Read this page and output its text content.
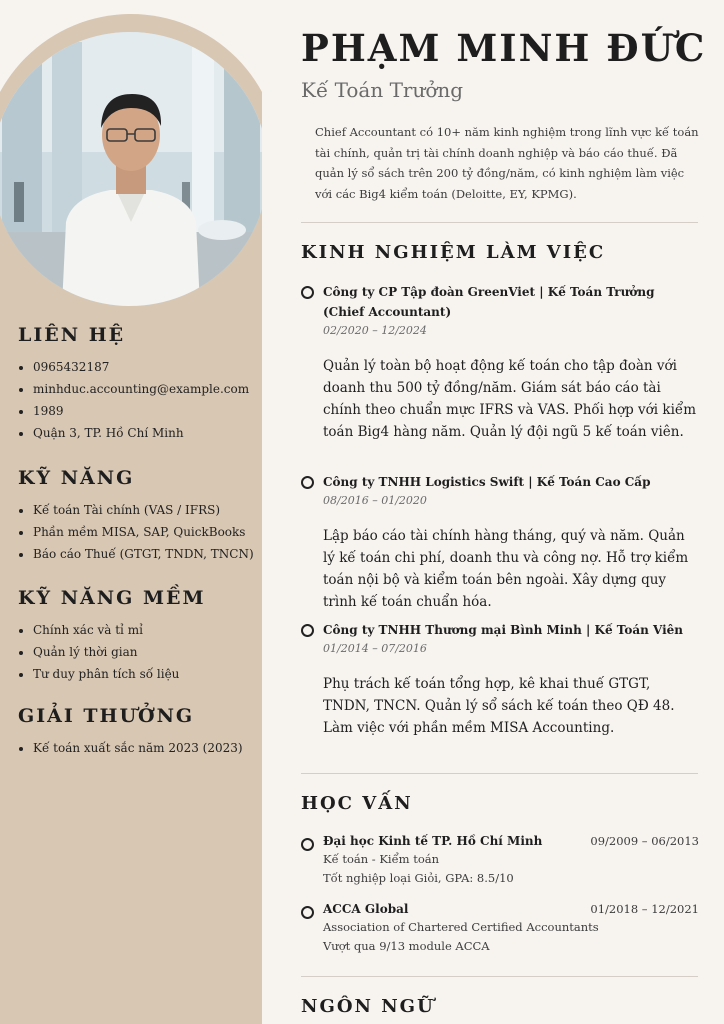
LIÊN HỆ
• 0965432187
• minhduc.accounting@example.com
• 1989
• Quận 3, TP. Hồ Chí Minh
KỸ NĂNG
• Kế toán Tài chính (VAS / IFRS)
• Phần mềm MISA, SAP, QuickBooks
• Báo cáo Thuế (GTGT, TNDN, TNCN)
KỸ NĂNG MỀM
• Chính xác và tỉ mỉ
• Quản lý thời gian
• Tư duy phân tích số liệu
GIẢI THƯỞNG
• Kế toán xuất sắc năm 2023 (2023)
PHẠM MINH ĐỨC
Kế Toán Trưởng

Chief Accountant có 10+ năm kinh nghiệm trong lĩnh vực kế toán tài chính, quản trị tài chính doanh nghiệp và báo cáo thuế. Đã quản lý sổ sách trên 200 tỷ đồng/năm, có kinh nghiệm làm việc với các Big4 kiểm toán (Deloitte, EY, KPMG).

KINH NGHIỆM LÀM VIỆC
Công ty CP Tập đoàn GreenViet | Kế Toán Trưởng (Chief Accountant)
02/2020 – 12/2024
Quản lý toàn bộ hoạt động kế toán cho tập đoàn với doanh thu 500 tỷ đồng/năm. Giám sát báo cáo tài chính theo chuẩn mực IFRS và VAS. Phối hợp với kiểm toán Big4 hàng năm. Quản lý đội ngũ 5 kế toán viên.
Công ty TNHH Logistics Swift | Kế Toán Cao Cấp
08/2016 – 01/2020
Lập báo cáo tài chính hàng tháng, quý và năm. Quản lý kế toán chi phí, doanh thu và công nợ. Hỗ trợ kiểm toán nội bộ và kiểm toán bên ngoài. Xây dựng quy trình kế toán chuẩn hóa.
Công ty TNHH Thương mại Bình Minh | Kế Toán Viên
01/2014 – 07/2016
Phụ trách kế toán tổng hợp, kê khai thuế GTGT, TNDN, TNCN. Quản lý sổ sách kế toán theo QĐ 48. Làm việc với phần mềm MISA Accounting.
HỌC VẤN
09/2009 – 06/2013
Đại học Kinh tế TP. Hồ Chí Minh
Kế toán - Kiểm toán
Tốt nghiệp loại Giỏi, GPA: 8.5/10
01/2018 – 12/2021
ACCA Global
Association of Chartered Certified Accountants
Vượt qua 9/13 module ACCA
NGÔN NGỮ
